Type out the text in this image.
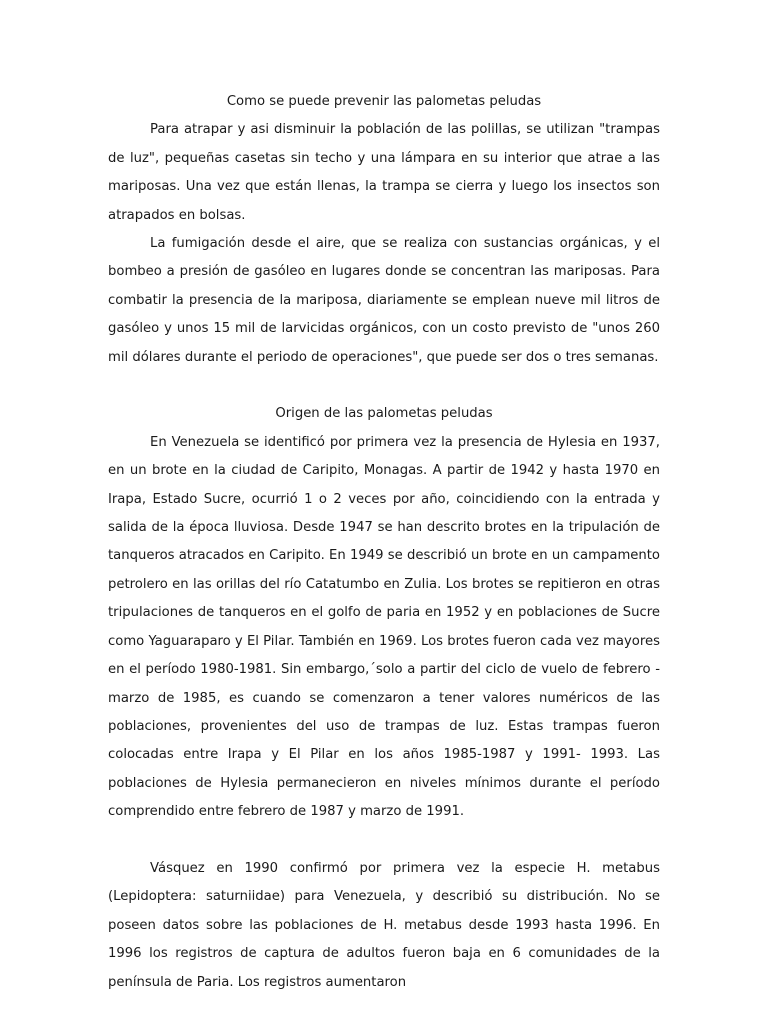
Como se puede prevenir las palometas peludas

Para atrapar y asi disminuir la población de las polillas, se utilizan "trampas de luz", pequeñas casetas sin techo y una lámpara en su interior que atrae a las mariposas. Una vez que están llenas, la trampa se cierra y luego los insectos son atrapados en bolsas.

La fumigación desde el aire, que se realiza con sustancias orgánicas, y el bombeo a presión de gasóleo en lugares donde se concentran las mariposas. Para combatir la presencia de la mariposa, diariamente se emplean nueve mil litros de gasóleo y unos 15 mil de larvicidas orgánicos, con un costo previsto de "unos 260 mil dólares durante el periodo de operaciones", que puede ser dos o tres semanas.

Origen de las palometas peludas

En Venezuela se identificó por primera vez la presencia de Hylesia en 1937, en un brote en la ciudad de Caripito, Monagas. A partir de 1942 y hasta 1970 en Irapa, Estado Sucre, ocurrió 1 o 2 veces por año, coincidiendo con la entrada y salida de la época lluviosa. Desde 1947 se han descrito brotes en la tripulación de tanqueros atracados en Caripito. En 1949 se describió un brote en un campamento petrolero en las orillas del río Catatumbo en Zulia. Los brotes se repitieron en otras tripulaciones de tanqueros en el golfo de paria en 1952 y en poblaciones de Sucre como Yaguaraparo y El Pilar. También en 1969. Los brotes fueron cada vez mayores en el período 1980-1981. Sin embargo,´solo a partir del ciclo de vuelo de febrero - marzo de 1985, es cuando se comenzaron a tener valores numéricos de las poblaciones, provenientes del uso de trampas de luz. Estas trampas fueron colocadas entre Irapa y El Pilar en los años 1985-1987 y 1991- 1993. Las poblaciones de Hylesia permanecieron en niveles mínimos durante el período comprendido entre febrero de 1987 y marzo de 1991.

Vásquez en 1990 confirmó por primera vez la especie H. metabus (Lepidoptera: saturniidae) para Venezuela, y describió su distribución. No se poseen datos sobre las poblaciones de H. metabus desde 1993 hasta 1996. En 1996 los registros de captura de adultos fueron baja en 6 comunidades de la península de Paria. Los registros aumentaron
